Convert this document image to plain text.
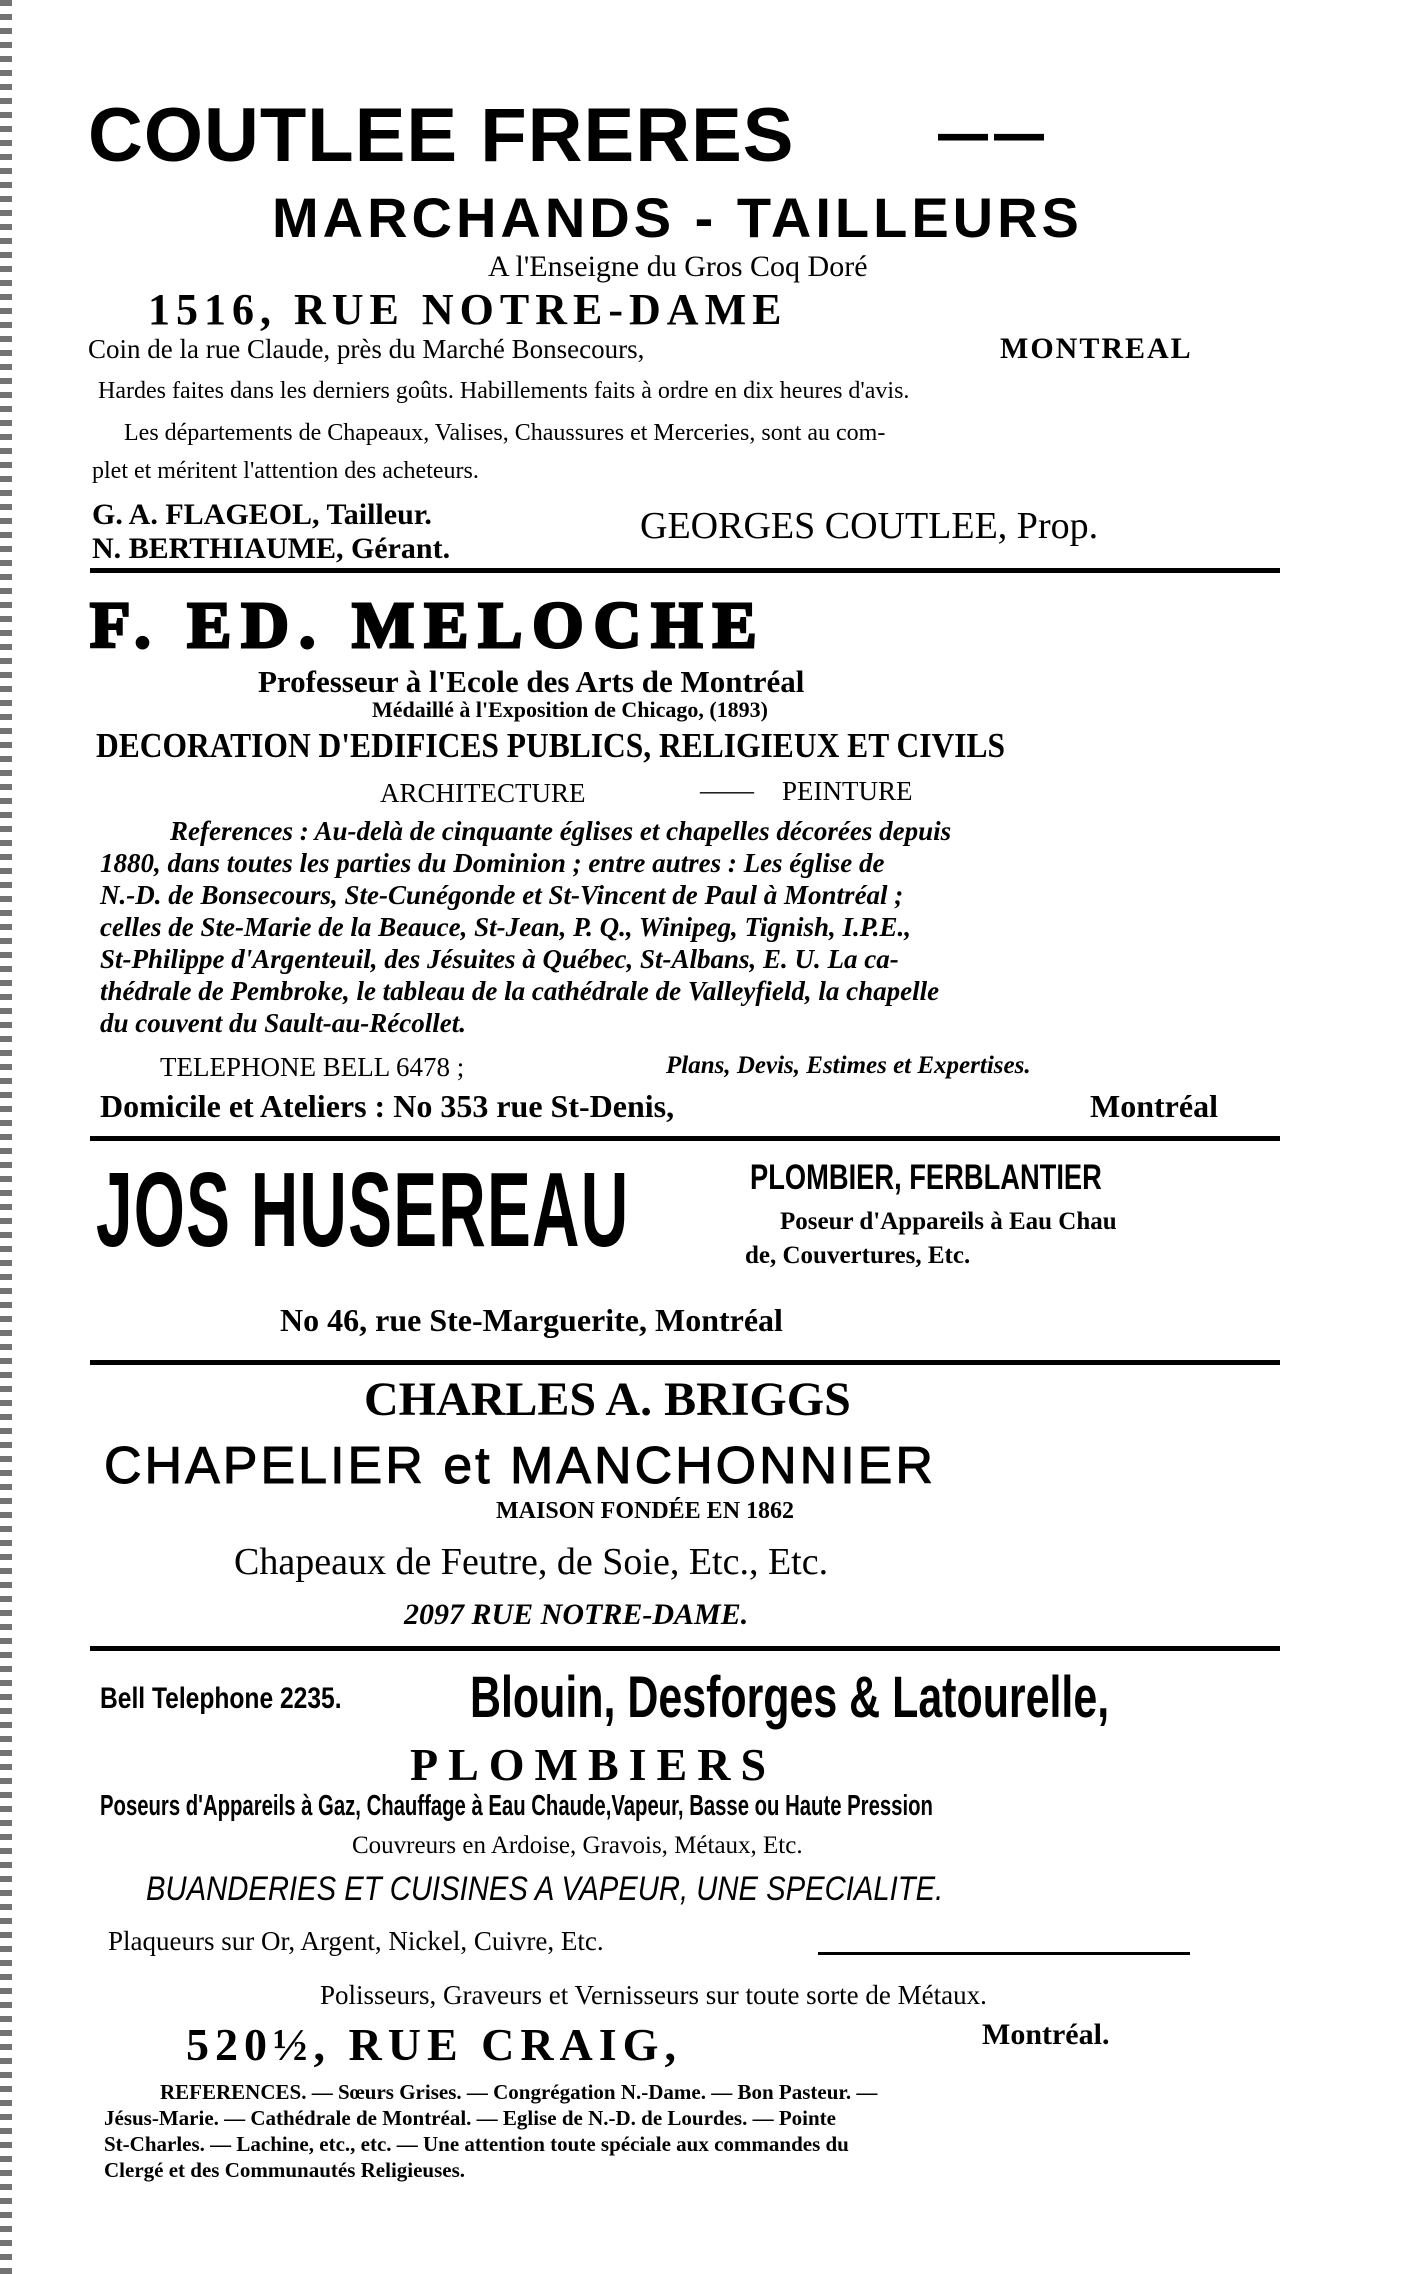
COUTLEE FRERES	——
MARCHANDS - TAILLEURS
A l'Enseigne du Gros Coq Doré
1516, RUE NOTRE-DAME
Coin de la rue Claude, près du Marché Bonsecours,	MONTREAL
Hardes faites dans les derniers goûts. Habillements faits à ordre en dix heures d'avis.
Les départements de Chapeaux, Valises, Chaussures et Merceries, sont au com-
plet et méritent l'attention des acheteurs.
G. A. FLAGEOL, Tailleur.
N. BERTHIAUME, Gérant.
GEORGES COUTLEE, Prop.
F. ED. MELOCHE
Professeur à l'Ecole des Arts de Montréal
Médaillé à l'Exposition de Chicago, (1893)
DECORATION D'EDIFICES PUBLICS, RELIGIEUX ET CIVILS
ARCHITECTURE	—— PEINTURE
References : Au-delà de cinquante églises et chapelles décorées depuis
1880, dans toutes les parties du Dominion ; entre autres : Les église de
N.-D. de Bonsecours, Ste-Cunégonde et St-Vincent de Paul à Montréal ;
celles de Ste-Marie de la Beauce, St-Jean, P. Q., Winipeg, Tignish, I.P.E.,
St-Philippe d'Argenteuil, des Jésuites à Québec, St-Albans, E. U. La ca-
thédrale de Pembroke, le tableau de la cathédrale de Valleyfield, la chapelle
du couvent du Sault-au-Récollet.
TELEPHONE BELL 6478 ;	Plans, Devis, Estimes et Expertises.
Domicile et Ateliers : No 353 rue St-Denis,	Montréal
JOS HUSEREAU	PLOMBIER, FERBLANTIER
Poseur d'Appareils à Eau Chau
de, Couvertures, Etc.
No 46, rue Ste-Marguerite, Montréal
CHARLES A. BRIGGS
CHAPELIER et MANCHONNIER
MAISON FONDÉE EN 1862
Chapeaux de Feutre, de Soie, Etc., Etc.
2097 RUE NOTRE-DAME.
Bell Telephone 2235. Blouin, Desforges & Latourelle,
PLOMBIERS
Poseurs d'Appareils à Gaz, Chauffage à Eau Chaude,Vapeur, Basse ou Haute Pression
Couvreurs en Ardoise, Gravois, Métaux, Etc.
BUANDERIES ET CUISINES A VAPEUR, UNE SPECIALITE.
Plaqueurs sur Or, Argent, Nickel, Cuivre, Etc.
Polisseurs, Graveurs et Vernisseurs sur toute sorte de Métaux.
520½, RUE CRAIG,	Montréal.
REFERENCES. — Sœurs Grises. — Congrégation N.-Dame. — Bon Pasteur. —
Jésus-Marie. — Cathédrale de Montréal. — Eglise de N.-D. de Lourdes. — Pointe
St-Charles. — Lachine, etc., etc. — Une attention toute spéciale aux commandes du
Clergé et des Communautés Religieuses.
